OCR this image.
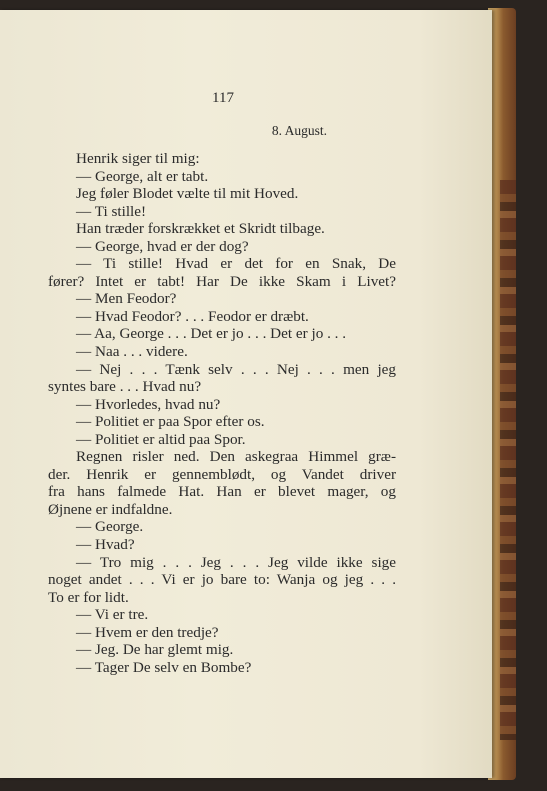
117
8. August.
Henrik siger til mig:
— George, alt er tabt.
Jeg føler Blodet vælte til mit Hoved.
— Ti stille!
Han træder forskrækket et Skridt tilbage.
— George, hvad er der dog?
— Ti stille! Hvad er det for en Snak, De
fører? Intet er tabt! Har De ikke Skam i Livet?
— Men Feodor?
— Hvad Feodor? . . . Feodor er dræbt.
— Aa, George . . . Det er jo . . . Det er jo . . .
— Naa . . . videre.
— Nej . . . Tænk selv . . . Nej . . . men jeg
syntes bare . . . Hvad nu?
— Hvorledes, hvad nu?
— Politiet er paa Spor efter os.
— Politiet er altid paa Spor.
Regnen risler ned. Den askegraa Himmel græ-
der. Henrik er gennemblødt, og Vandet driver
fra hans falmede Hat. Han er blevet mager, og
Øjnene er indfaldne.
— George.
— Hvad?
— Tro mig . . . Jeg . . . Jeg vilde ikke sige
noget andet . . . Vi er jo bare to: Wanja og jeg . . .
To er for lidt.
— Vi er tre.
— Hvem er den tredje?
— Jeg. De har glemt mig.
— Tager De selv en Bombe?
